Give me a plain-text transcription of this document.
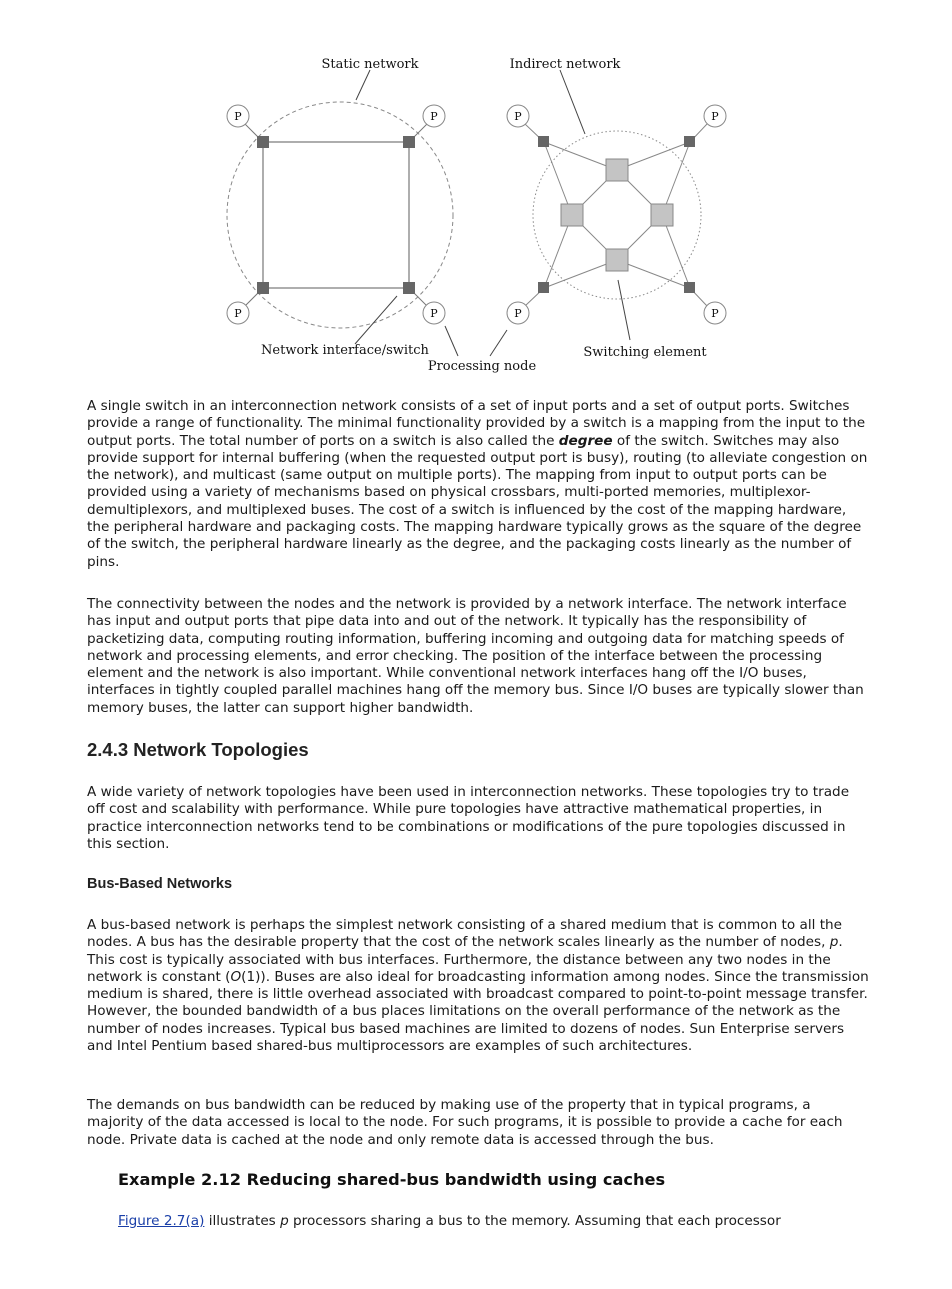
P	P
P	P
P	P
P	P
Static network	Indirect network
Network interface/switch
Processing node
Switching element

A single switch in an interconnection network consists of a set of input ports and a set of output ports. Switches provide a range of functionality. The minimal functionality provided by a switch is a mapping from the input to the output ports. The total number of ports on a switch is also called the degree of the switch. Switches may also provide support for internal buffering (when the requested output port is busy), routing (to alleviate congestion on the network), and multicast (same output on multiple ports). The mapping from input to output ports can be provided using a variety of mechanisms based on physical crossbars, multi-ported memories, multiplexor-demultiplexors, and multiplexed buses. The cost of a switch is influenced by the cost of the mapping hardware, the peripheral hardware and packaging costs. The mapping hardware typically grows as the square of the degree of the switch, the peripheral hardware linearly as the degree, and the packaging costs linearly as the number of pins.

The connectivity between the nodes and the network is provided by a network interface. The network interface has input and output ports that pipe data into and out of the network. It typically has the responsibility of packetizing data, computing routing information, buffering incoming and outgoing data for matching speeds of network and processing elements, and error checking. The position of the interface between the processing element and the network is also important. While conventional network interfaces hang off the I/O buses, interfaces in tightly coupled parallel machines hang off the memory bus. Since I/O buses are typically slower than memory buses, the latter can support higher bandwidth.

2.4.3 Network Topologies

A wide variety of network topologies have been used in interconnection networks. These topologies try to trade off cost and scalability with performance. While pure topologies have attractive mathematical properties, in practice interconnection networks tend to be combinations or modifications of the pure topologies discussed in this section.

Bus-Based Networks

A bus-based network is perhaps the simplest network consisting of a shared medium that is common to all the nodes. A bus has the desirable property that the cost of the network scales linearly as the number of nodes, p. This cost is typically associated with bus interfaces. Furthermore, the distance between any two nodes in the network is constant (O(1)). Buses are also ideal for broadcasting information among nodes. Since the transmission medium is shared, there is little overhead associated with broadcast compared to point-to-point message transfer. However, the bounded bandwidth of a bus places limitations on the overall performance of the network as the number of nodes increases. Typical bus based machines are limited to dozens of nodes. Sun Enterprise servers and Intel Pentium based shared-bus multiprocessors are examples of such architectures.

The demands on bus bandwidth can be reduced by making use of the property that in typical programs, a majority of the data accessed is local to the node. For such programs, it is possible to provide a cache for each node. Private data is cached at the node and only remote data is accessed through the bus.

Example 2.12 Reducing shared-bus bandwidth using caches

Figure 2.7(a) illustrates p processors sharing a bus to the memory. Assuming that each processor
